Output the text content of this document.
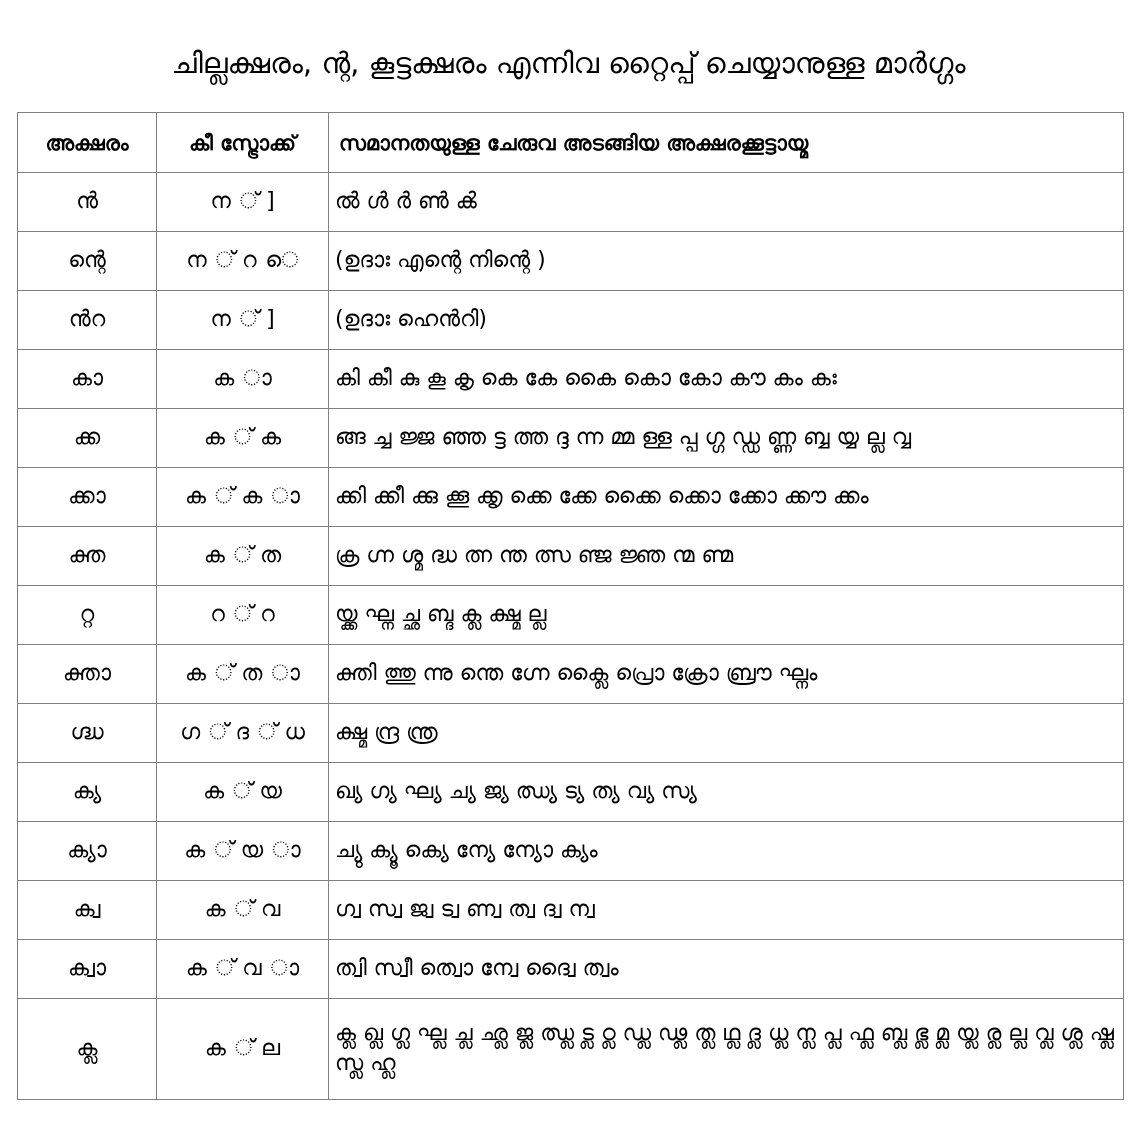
ചില്ലക്ഷരം, ന്റ, കൂട്ടക്ഷരം എന്നിവ റ്റൈപ്പ് ചെയ്യാനുള്ള മാർഗ്ഗം
അക്ഷരം	കീ സ്ട്രോക്ക്	സമാനതയുള്ള ചേരുവ അടങ്ങിയ അക്ഷരക്കൂട്ടായ്മ
ൻ	ന ് ]	ൽ ൾ ർ ൺ ൿ
ന്റെ	ന ് റ െ	(ഉദാഃ എന്റെ നിന്റെ )
ൻറ	ന ് ]	(ഉദാഃ ഹെൻറി)
കാ	ക ാ	കി കീ കു കൂ കൃ കെ കേ കൈ കൊ കോ കൗ കം കഃ
ക്ക	ക ് ക	ങ്ങ ച്ച ജ്ജ ഞ്ഞ ട്ട ത്ത ദ്ദ ന്ന മ്മ ള്ള പ്പ ഗ്ഗ ഡ്ഡ ണ്ണ ബ്ബ യ്യ ല്ല വ്വ
ക്കാ	ക ് ക ാ	ക്കി ക്കീ ക്കു ക്കൂ ക്കൃ ക്കെ ക്കേ ക്കൈ ക്കൊ ക്കോ ക്കൗ ക്കം
ക്ത	ക ് ത	ക്ര ഗ്ന ശ്മ ദ്ധ ത്ന ന്ത ത്സ ഞ്ജ ജ്ഞ ന്മ ണ്മ
റ്റ	റ ് റ	യ്ക്ക ഘ്ന ച്ഛ ബ്ദ ക്ല ക്ഷ്മ ല്ല
ക്താ	ക ് ത ാ	ക്തി ത്തു ന്നു ന്തെ ഗ്നേ ക്ലൈ പ്രൊ ക്രോ ബ്രൗ ഘ്നം
ഗ്ദ്ധ	ഗ ് ദ ് ധ	ക്ഷ്മ ന്ദ്ര ന്ത്ര
ക്യ	ക ് യ	ഖ്യ ഗ്യ ഘ്യ ച്യ ജ്യ ഝ്യ ട്യ ത്യ വ്യ സ്യ
ക്യാ	ക ് യ ാ	ച്യു ക്യൂ ക്യെ ന്യേ ന്യോ ക്യം
ക്വ	ക ് വ	ഗ്വ സ്വ ജ്വ ട്വ ണ്വ ത്വ ദ്വ ന്വ
ക്വാ	ക ് വ ാ	ത്വി സ്വീ ത്വൊ ന്വേ ദ്വൈ ത്വം
ക്ല	ക ് ല	ക്ല ഖ്ല ഗ്ല ഘ്ല ച്ല ഛ്ല ജ്ല ഝ്ല ട്ല ഠ്ല ഡ്ല ഢ്ല ത്ല ഥ്ല ദ്ല ധ്ല ന്ല പ്ല ഫ്ല ബ്ല ഭ്ല മ്ല യ്ല ര്ല ല്ല വ്ല ശ്ല ഷ്ല സ്ല ഹ്ല
